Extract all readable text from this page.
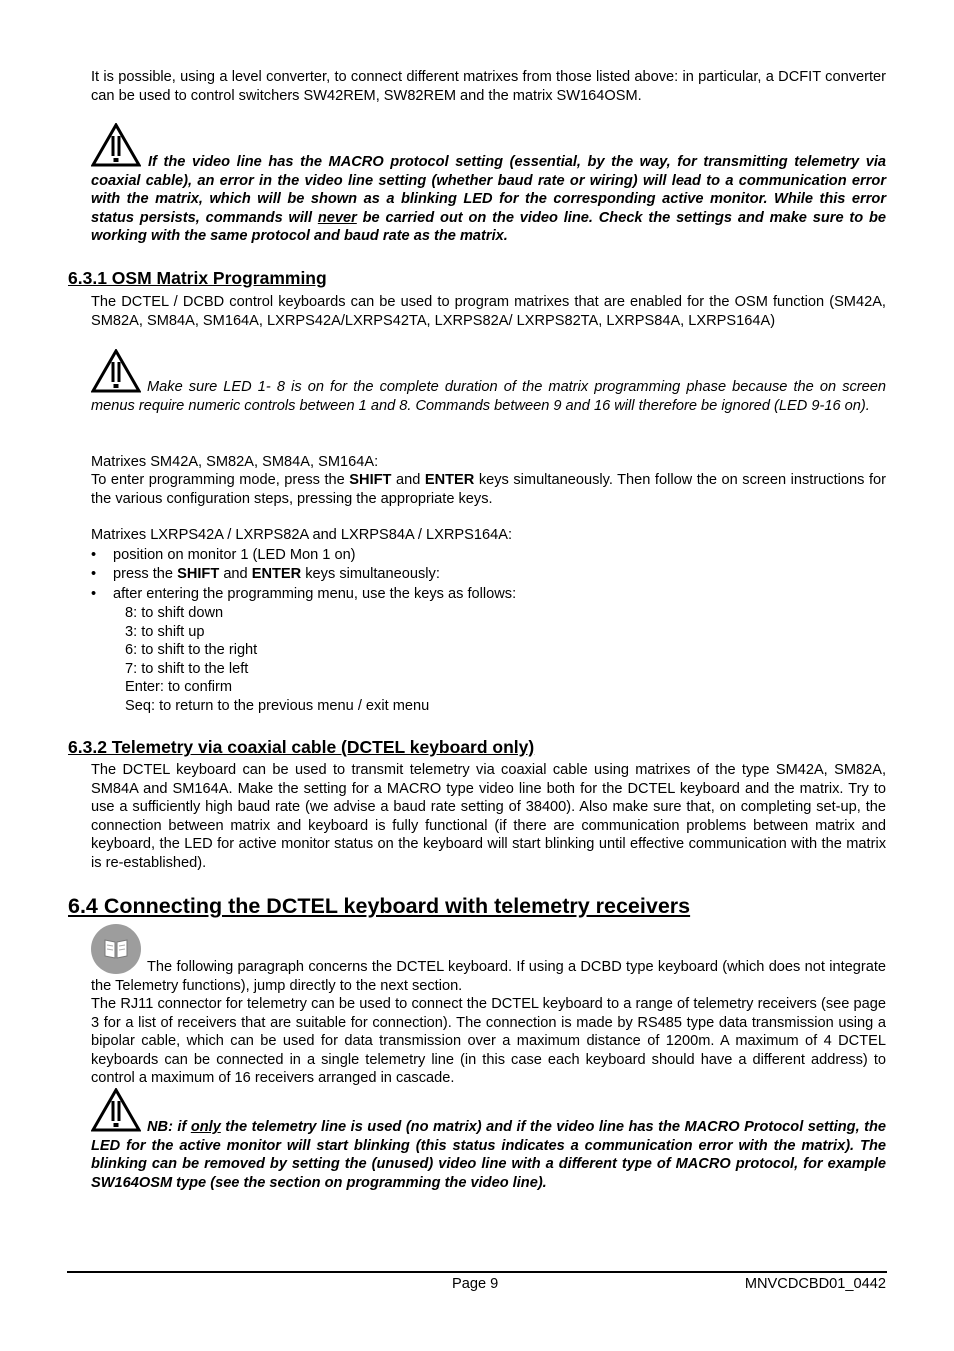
It is possible, using a level converter, to connect different matrixes from those listed above: in particular, a DCFIT converter can be used to control switchers SW42REM, SW82REM and the matrix SW164OSM.

If the video line has the MACRO protocol setting (essential, by the way, for transmitting telemetry via coaxial cable), an error in the video line setting (whether baud rate or wiring) will lead to a communication error with the matrix, which will be shown as a blinking LED for the corresponding active monitor. While this error status persists, commands will never be carried out on the video line. Check the settings and make sure to be working with the same protocol and baud rate as the matrix.

6.3.1 OSM Matrix Programming

The DCTEL / DCBD control keyboards can be used to program matrixes that are enabled for the OSM function (SM42A, SM82A, SM84A, SM164A, LXRPS42A/LXRPS42TA, LXRPS82A/ LXRPS82TA, LXRPS84A, LXRPS164A)

Make sure LED 1- 8 is on for the complete duration of the matrix programming phase because the on screen menus require numeric controls between 1 and 8. Commands between 9 and 16 will therefore be ignored (LED 9-16 on).

Matrixes SM42A, SM82A, SM84A, SM164A:

To enter programming mode, press the SHIFT and ENTER keys simultaneously. Then follow the on screen instructions for the various configuration steps, pressing the appropriate keys.

Matrixes LXRPS42A / LXRPS82A and LXRPS84A / LXRPS164A:

• position on monitor 1 (LED Mon 1 on)
• press the SHIFT and ENTER keys simultaneously:
• after entering the programming menu, use the keys as follows:
8: to shift down
3: to shift up
6: to shift to the right
7: to shift to the left
Enter: to confirm
Seq: to return to the previous menu / exit menu
6.3.2 Telemetry via coaxial cable (DCTEL keyboard only)

The DCTEL keyboard can be used to transmit telemetry via coaxial cable using matrixes of the type SM42A, SM82A, SM84A and SM164A. Make the setting for a MACRO type video line both for the DCTEL keyboard and the matrix. Try to use a sufficiently high baud rate (we advise a baud rate setting of 38400). Also make sure that, on completing set-up, the connection between matrix and keyboard is fully functional (if there are communication problems between matrix and keyboard, the LED for active monitor status on the keyboard will start blinking until effective communication with the matrix is re-established).

6.4 Connecting the DCTEL keyboard with telemetry receivers

The following paragraph concerns the DCTEL keyboard. If using a DCBD type keyboard (which does not integrate the Telemetry functions), jump directly to the next section.

The RJ11 connector for telemetry can be used to connect the DCTEL keyboard to a range of telemetry receivers (see page 3 for a list of receivers that are suitable for connection). The connection is made by RS485 type data transmission using a bipolar cable, which can be used for data transmission over a maximum distance of 1200m. A maximum of 4 DCTEL keyboards can be connected in a single telemetry line (in this case each keyboard should have a different address) to control a maximum of 16 receivers arranged in cascade.

NB: if only the telemetry line is used (no matrix) and if the video line has the MACRO Protocol setting, the LED for the active monitor will start blinking (this status indicates a communication error with the matrix). The blinking can be removed by setting the (unused) video line with a different type of MACRO protocol, for example SW164OSM type (see the section on programming the video line).

Page 9	MNVCDCBD01_0442
